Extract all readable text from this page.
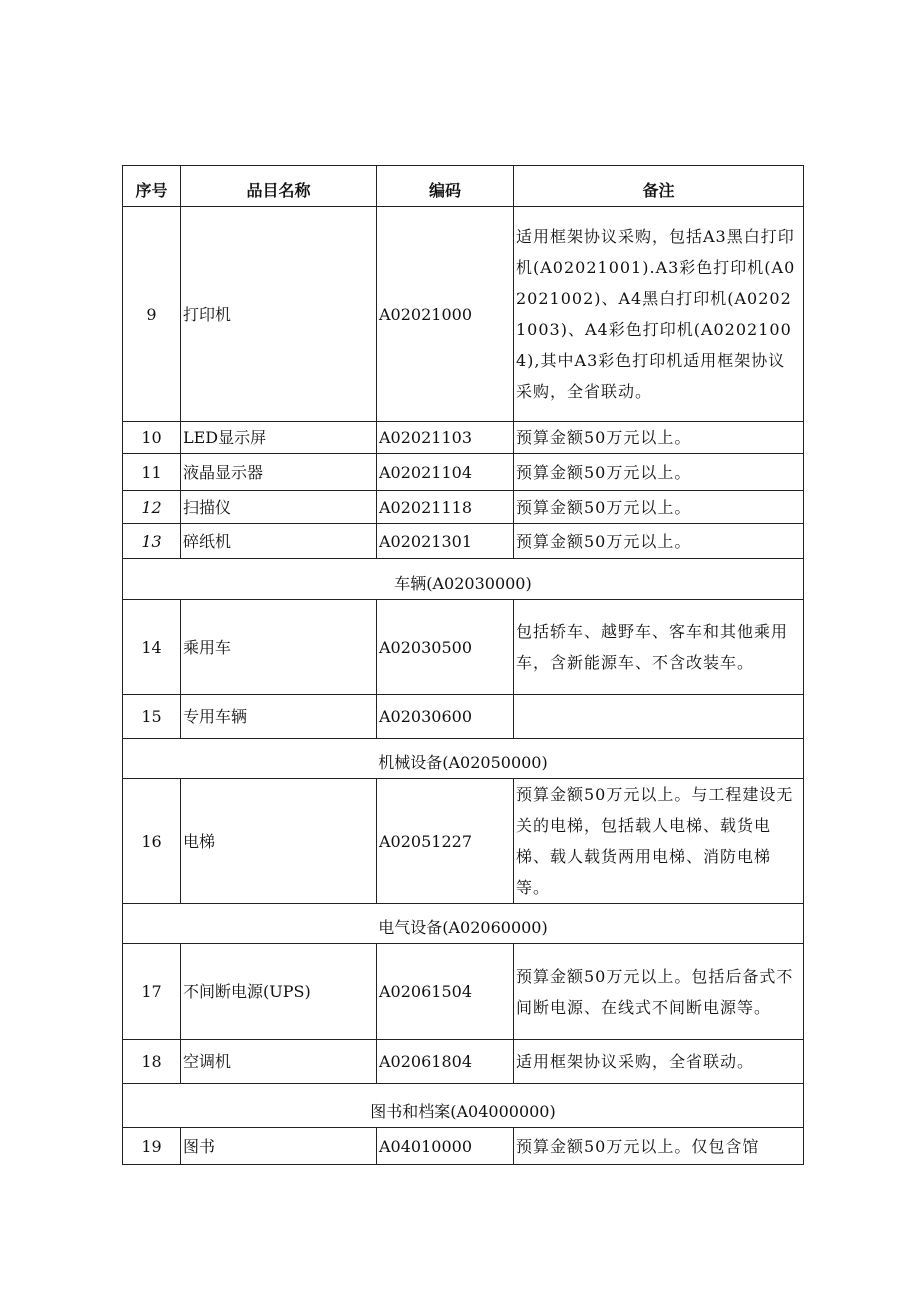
序号	品目名称	编码	备注
9	打印机	A02021000	适用框架协议采购，包括A3黑白打印机(A02021001).A3彩色打印机(A02021002)、A4黑白打印机(A02021003)、A4彩色打印机(A02021004),其中A3彩色打印机适用框架协议采购，全省联动。
10	LED显示屏	A02021103	预算金额50万元以上。
11	液晶显示器	A02021104	预算金额50万元以上。
12	扫描仪	A02021118	预算金额50万元以上。
13	碎纸机	A02021301	预算金额50万元以上。
车辆(A02030000)			
14	乘用车	A02030500	包括轿车、越野车、客车和其他乘用车，含新能源车、不含改装车。
15	专用车辆	A02030600	
机械设备(A02050000)			
16	电梯	A02051227	预算金额50万元以上。与工程建设无关的电梯，包括载人电梯、载货电梯、载人载货两用电梯、消防电梯等。
电气设备(A02060000)			
17	不间断电源(UPS)	A02061504	预算金额50万元以上。包括后备式不间断电源、在线式不间断电源等。
18	空调机	A02061804	适用框架协议采购，全省联动。
图书和档案(A04000000)			
19	图书	A04010000	预算金额50万元以上。仅包含馆
